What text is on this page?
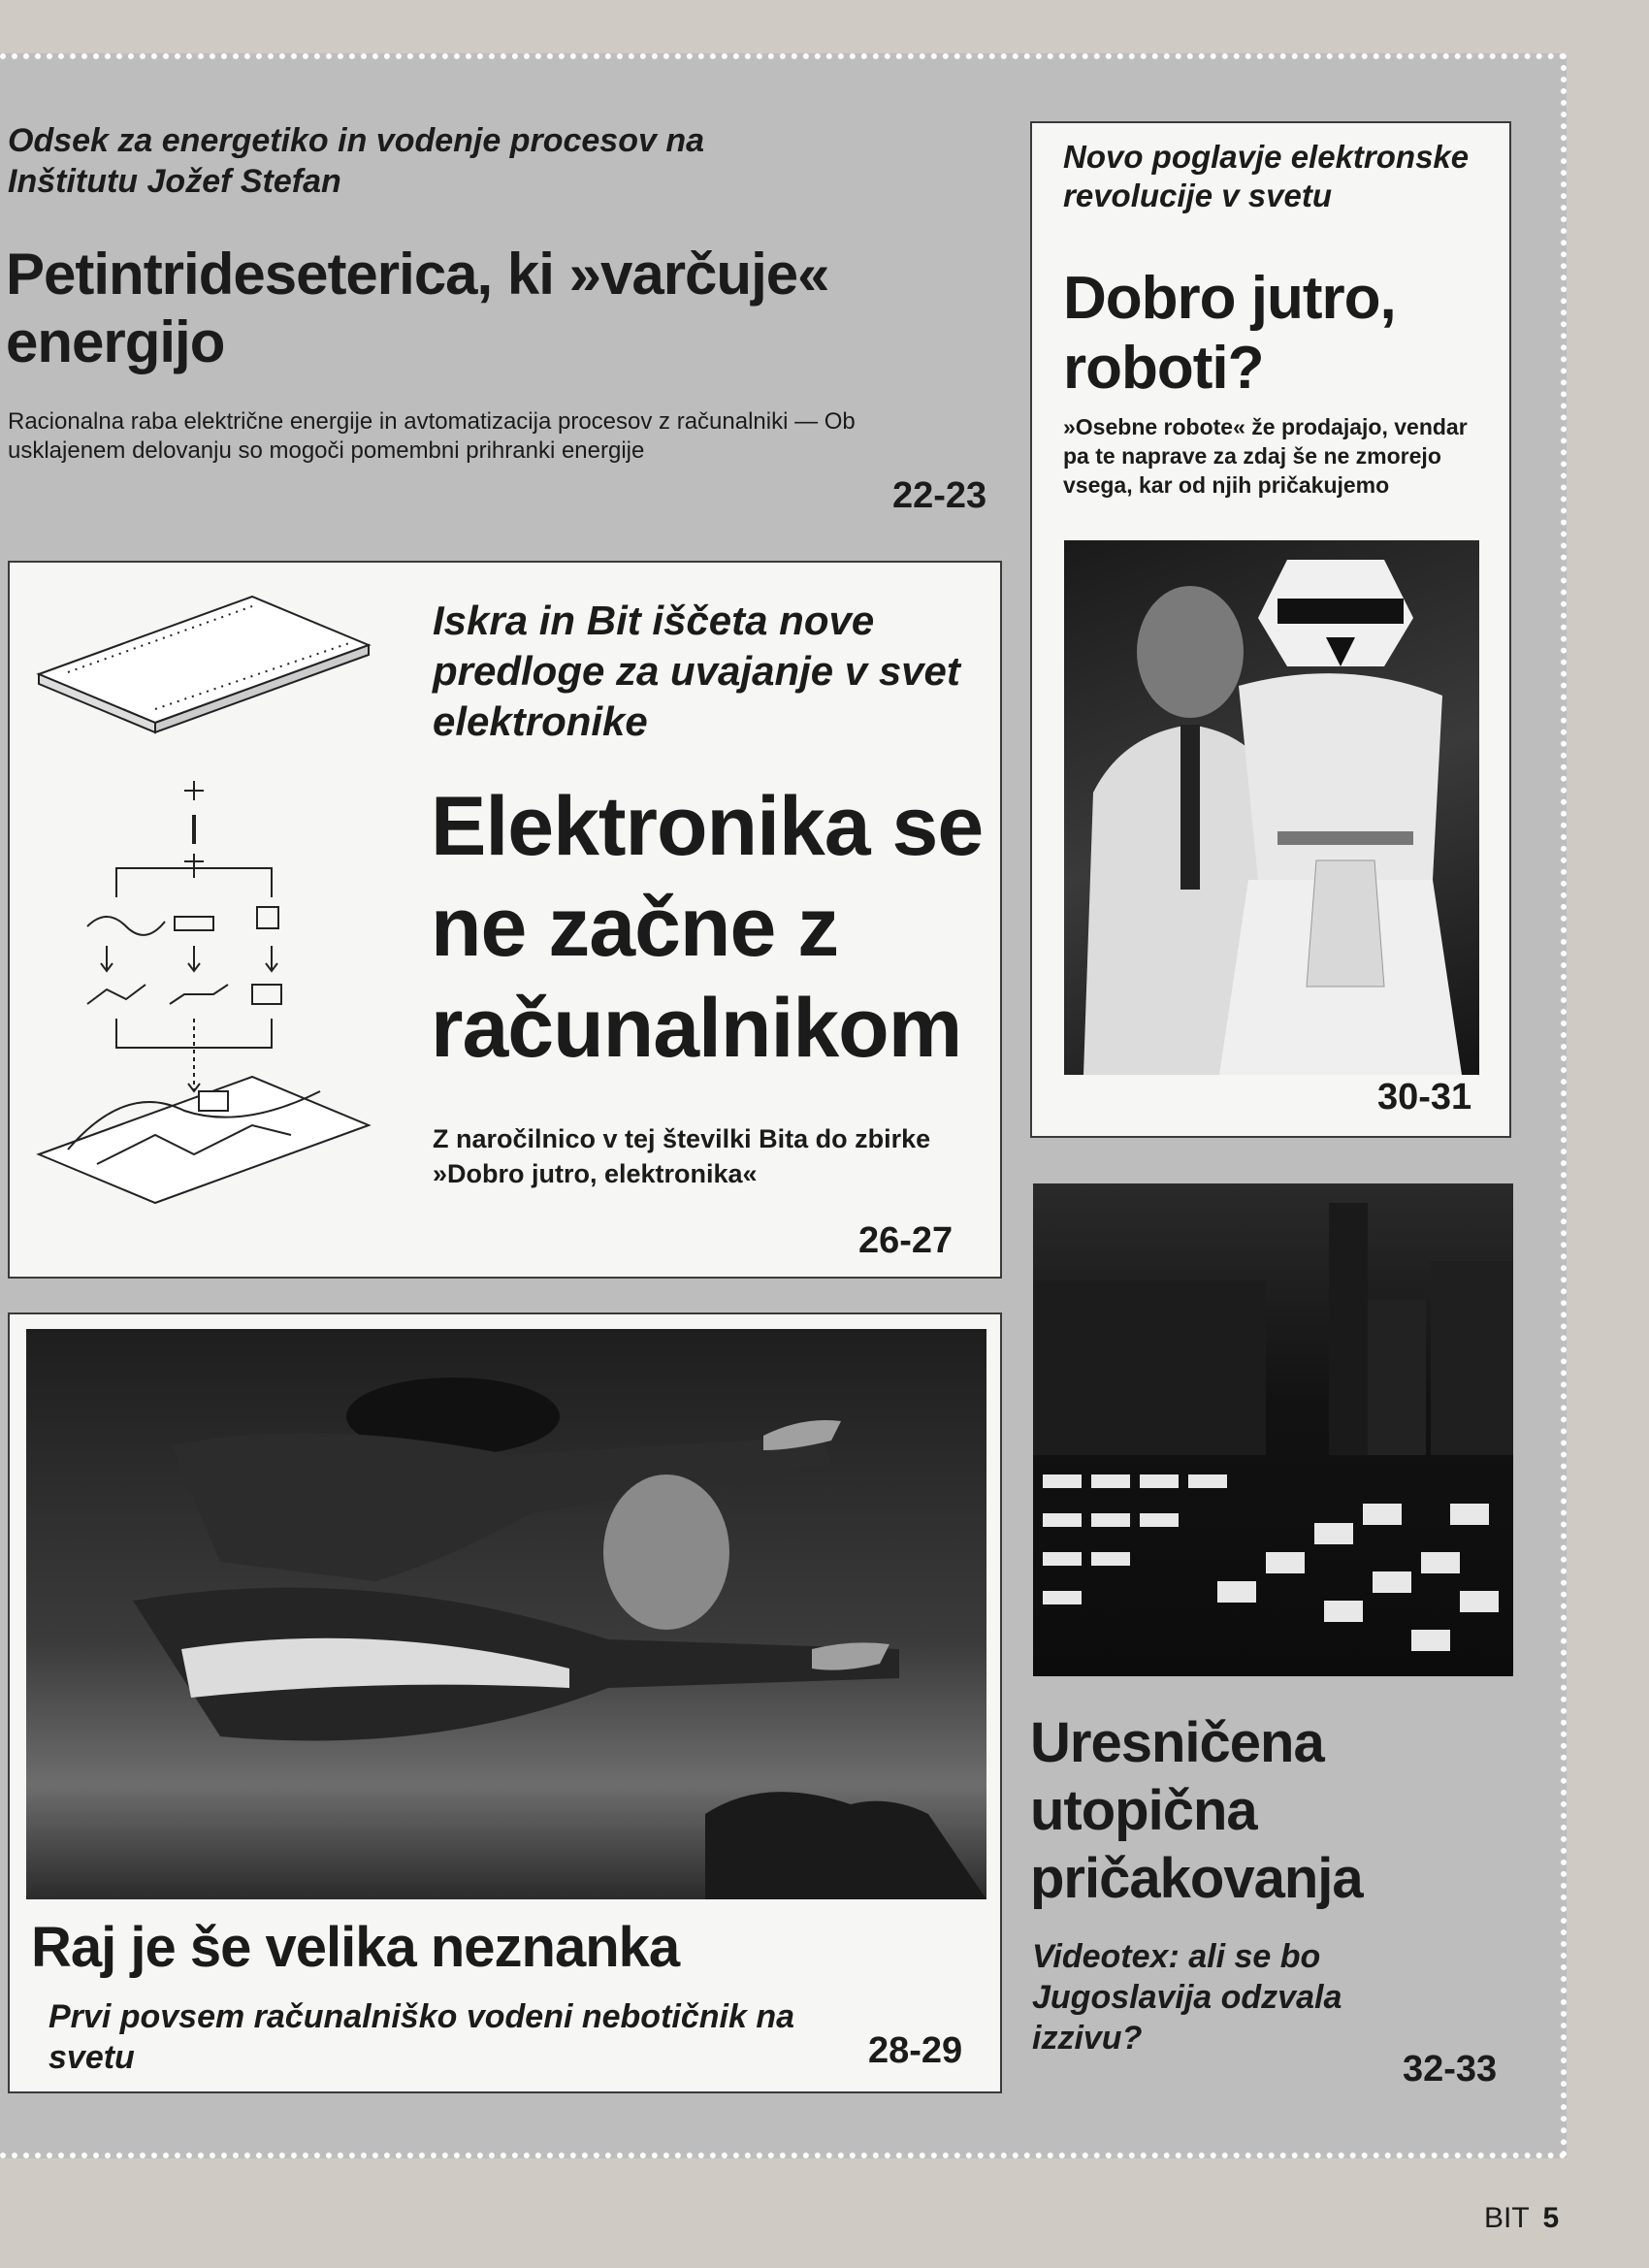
Odsek za energetiko in vodenje procesov na Inštitutu Jožef Stefan
Petintrideseterica, ki »varčuje« energijo
Racionalna raba električne energije in avtomatizacija procesov z računalniki — Ob usklajenem delovanju so mogoči pomembni prihranki energije
22-23
Novo poglavje elektronske revolucije v svetu
Dobro jutro, roboti?
»Osebne robote« že prodajajo, vendar pa te naprave za zdaj še ne zmorejo vsega, kar od njih pričakujemo
30-31
Iskra in Bit iščeta nove predloge za uvajanje v svet elektronike
Elektronika se ne začne z računalnikom
Z naročilnico v tej številki Bita do zbirke »Dobro jutro, elektronika«
26-27
Raj je še velika neznanka
Prvi povsem računalniško vodeni nebotičnik na svetu	28-29
Uresničena utopična pričakovanja
Videotex: ali se bo Jugoslavija odzvala izzivu?
32-33
BIT 5
